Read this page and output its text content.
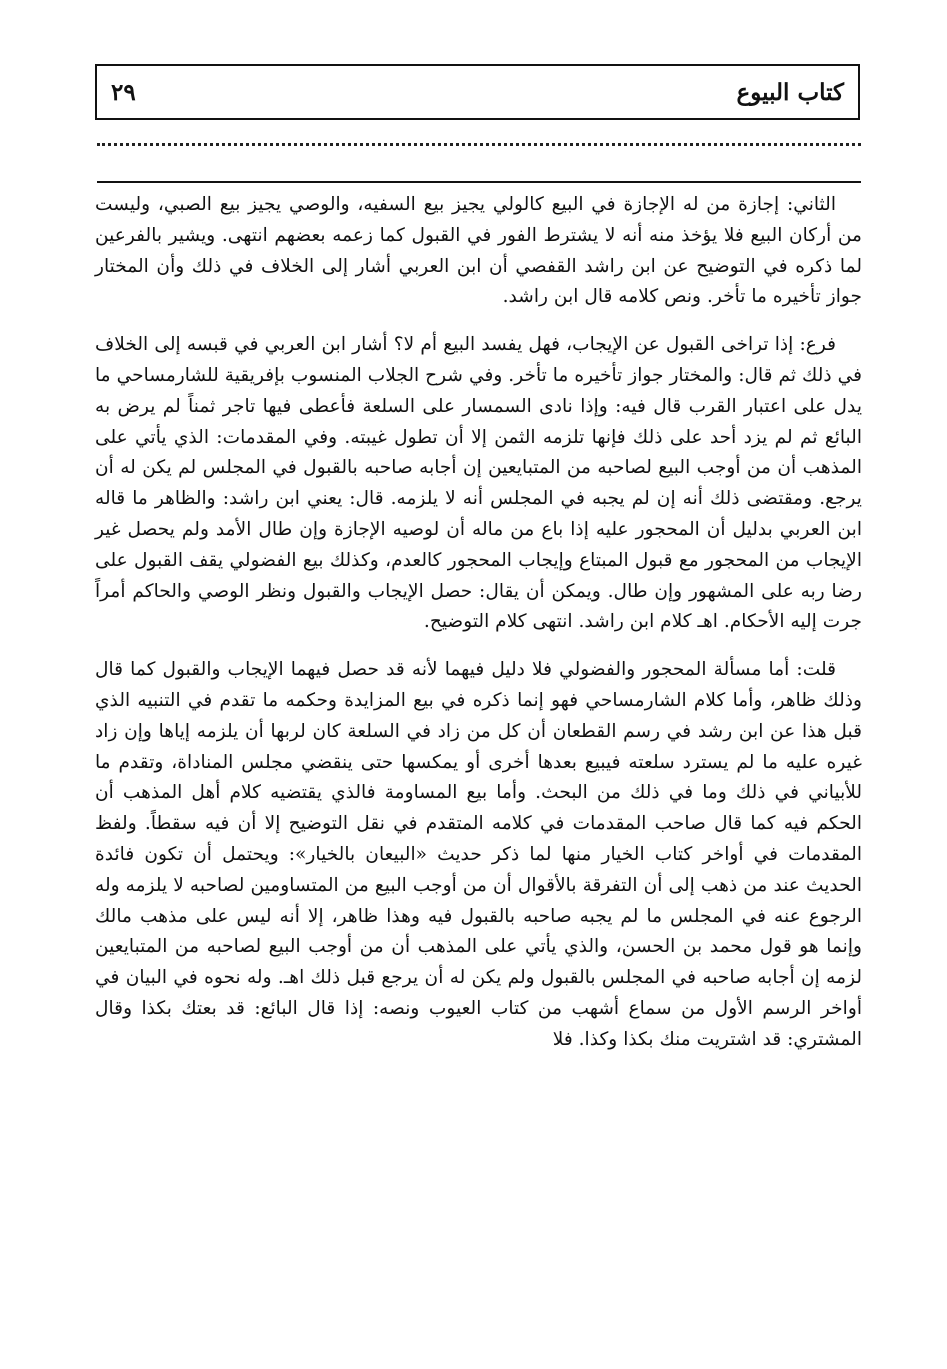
كتاب البيوع
٢٩

الثاني: إجازة من له الإجازة في البيع كالولي يجيز بيع السفيه، والوصي يجيز بيع الصبي، وليست من أركان البيع فلا يؤخذ منه أنه لا يشترط الفور في القبول كما زعمه بعضهم انتهى. ويشير بالفرعين لما ذكره في التوضيح عن ابن راشد القفصي أن ابن العربي أشار إلى الخلاف في ذلك وأن المختار جواز تأخيره ما تأخر. ونص كلامه قال ابن راشد.

فرع: إذا تراخى القبول عن الإيجاب، فهل يفسد البيع أم لا؟ أشار ابن العربي في قبسه إلى الخلاف في ذلك ثم قال: والمختار جواز تأخيره ما تأخر. وفي شرح الجلاب المنسوب بإفريقية للشارمساحي ما يدل على اعتبار القرب قال فيه: وإذا نادى السمسار على السلعة فأعطى فيها تاجر ثمناً لم يرض به البائع ثم لم يزد أحد على ذلك فإنها تلزمه الثمن إلا أن تطول غيبته. وفي المقدمات: الذي يأتي على المذهب أن من أوجب البيع لصاحبه من المتبايعين إن أجابه صاحبه بالقبول في المجلس لم يكن له أن يرجع. ومقتضى ذلك أنه إن لم يجبه في المجلس أنه لا يلزمه. قال: يعني ابن راشد: والظاهر ما قاله ابن العربي بدليل أن المحجور عليه إذا باع من ماله أن لوصيه الإجازة وإن طال الأمد ولم يحصل غير الإيجاب من المحجور مع قبول المبتاع وإيجاب المحجور كالعدم، وكذلك بيع الفضولي يقف القبول على رضا ربه على المشهور وإن طال. ويمكن أن يقال: حصل الإيجاب والقبول ونظر الوصي والحاكم أمراً جرت إليه الأحكام. اهـ كلام ابن راشد. انتهى كلام التوضيح.

قلت: أما مسألة المحجور والفضولي فلا دليل فيهما لأنه قد حصل فيهما الإيجاب والقبول كما قال وذلك ظاهر، وأما كلام الشارمساحي فهو إنما ذكره في بيع المزايدة وحكمه ما تقدم في التنبيه الذي قبل هذا عن ابن رشد في رسم القطعان أن كل من زاد في السلعة كان لربها أن يلزمه إياها وإن زاد غيره عليه ما لم يسترد سلعته فيبيع بعدها أخرى أو يمكسها حتى ينقضي مجلس المناداة، وتقدم ما للأبياني في ذلك وما في ذلك من البحث. وأما بيع المساومة فالذي يقتضيه كلام أهل المذهب أن الحكم فيه كما قال صاحب المقدمات في كلامه المتقدم في نقل التوضيح إلا أن فيه سقطاً. ولفظ المقدمات في أواخر كتاب الخيار منها لما ذكر حديث «البيعان بالخيار»: ويحتمل أن تكون فائدة الحديث عند من ذهب إلى أن التفرقة بالأقوال أن من أوجب البيع من المتساومين لصاحبه لا يلزمه وله الرجوع عنه في المجلس ما لم يجبه صاحبه بالقبول فيه وهذا ظاهر، إلا أنه ليس على مذهب مالك وإنما هو قول محمد بن الحسن، والذي يأتي على المذهب أن من أوجب البيع لصاحبه من المتبايعين لزمه إن أجابه صاحبه في المجلس بالقبول ولم يكن له أن يرجع قبل ذلك اهـ. وله نحوه في البيان في أواخر الرسم الأول من سماع أشهب من كتاب العيوب ونصه: إذا قال البائع: قد بعتك بكذا وقال المشتري: قد اشتريت منك بكذا وكذا. فلا
